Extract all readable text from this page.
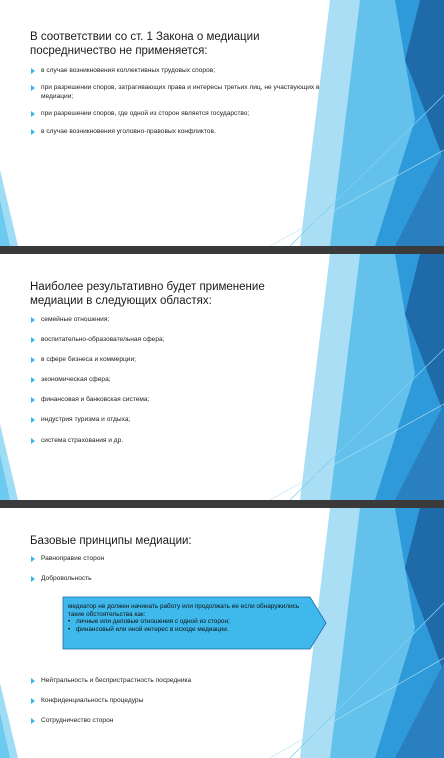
В соответствии со ст. 1 Закона о медиации посредничество не применяется:
в случае возникновения коллективных трудовых споров;
при разрешении споров, затрагивающих права и интересы третьих лиц, не участвующих в медиации;
при разрешении споров, где одной из сторон является государство;
в случае возникновения уголовно-правовых конфликтов.
Наиболее результативно будет применение медиации в следующих областях:
семейные отношения;
воспитательно-образовательная сфера;
в сфере бизнеса и коммерции;
экономическая сфера;
финансовая и банковская система;
индустрия туризма и отдыха;
система страхования и др.
Базовые принципы медиации:
Равноправие сторон
Добровольность
Нейтральность и беспристрастность посредника
Конфиденциальность процедуры
Сотрудничество сторон
медиатор не должен начинать работу или продолжать ее если обнаружились такие обстоятельства как:
• личные или деловые отношения с одной из сторон;
• финансовый или иной интерес в исходе медиации.
